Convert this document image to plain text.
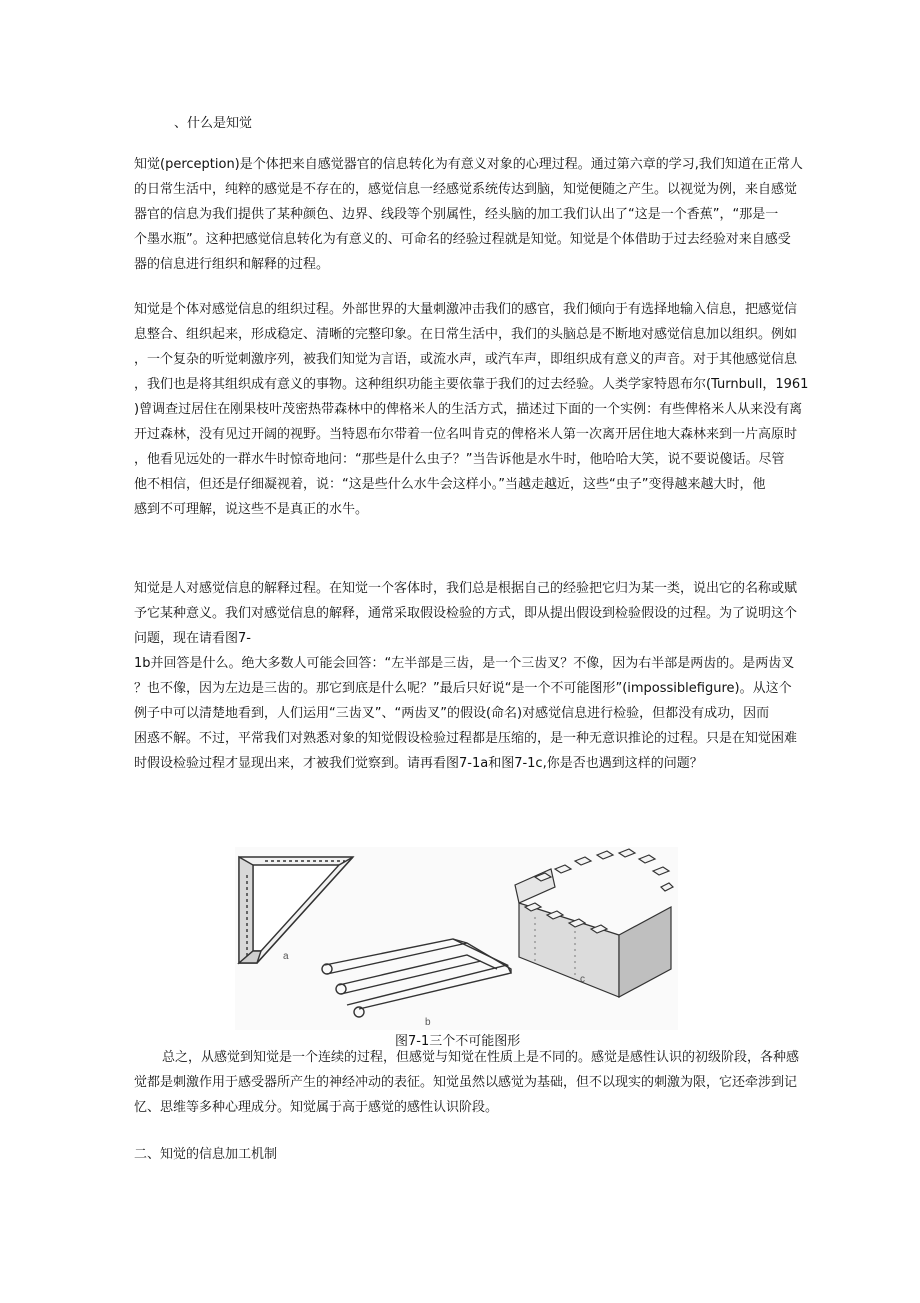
、什么是知觉
知觉(perception)是个体把来自感觉器官的信息转化为有意义对象的心理过程。通过第六章的学习,我们知道在正常人
的日常生活中，纯粹的感觉是不存在的，感觉信息一经感觉系统传达到脑，知觉便随之产生。以视觉为例，来自感觉
器官的信息为我们提供了某种颜色、边界、线段等个别属性，经头脑的加工我们认出了“这是一个香蕉”，“那是一
个墨水瓶”。这种把感觉信息转化为有意义的、可命名的经验过程就是知觉。知觉是个体借助于过去经验对来自感受
器的信息进行组织和解释的过程。
知觉是个体对感觉信息的组织过程。外部世界的大量刺激冲击我们的感官，我们倾向于有选择地输入信息，把感觉信
息整合、组织起来，形成稳定、清晰的完整印象。在日常生活中，我们的头脑总是不断地对感觉信息加以组织。例如
，一个复杂的听觉刺激序列，被我们知觉为言语，或流水声，或汽车声，即组织成有意义的声音。对于其他感觉信息
，我们也是将其组织成有意义的事物。这种组织功能主要依靠于我们的过去经验。人类学家特恩布尔(Turnbull，1961
)曾调查过居住在刚果枝叶茂密热带森林中的俾格米人的生活方式，描述过下面的一个实例：有些俾格米人从来没有离
开过森林，没有见过开阔的视野。当特恩布尔带着一位名叫肯克的俾格米人第一次离开居住地大森林来到一片高原时
，他看见远处的一群水牛时惊奇地问：“那些是什么虫子？”当告诉他是水牛时，他哈哈大笑，说不要说傻话。尽管
他不相信，但还是仔细凝视着，说：“这是些什么水牛会这样小。”当越走越近，这些“虫子”变得越来越大时，他
感到不可理解，说这些不是真正的水牛。
知觉是人对感觉信息的解释过程。在知觉一个客体时，我们总是根据自己的经验把它归为某一类，说出它的名称或赋
予它某种意义。我们对感觉信息的解释，通常采取假设检验的方式，即从提出假设到检验假设的过程。为了说明这个
问题，现在请看图7-
1b并回答是什么。绝大多数人可能会回答：“左半部是三齿，是一个三齿叉？不像，因为右半部是两齿的。是两齿叉
？也不像，因为左边是三齿的。那它到底是什么呢？”最后只好说“是一个不可能图形”(impossiblefigure)。从这个
例子中可以清楚地看到，人们运用“三齿叉”、“两齿叉”的假设(命名)对感觉信息进行检验，但都没有成功，因而
困惑不解。不过，平常我们对熟悉对象的知觉假设检验过程都是压缩的，是一种无意识推论的过程。只是在知觉困难
时假设检验过程才显现出来，才被我们觉察到。请再看图7-1a和图7-1c,你是否也遇到这样的问题？
a
b
c
图7-1三个不可能图形
总之，从感觉到知觉是一个连续的过程，但感觉与知觉在性质上是不同的。感觉是感性认识的初级阶段，各种感
觉都是刺激作用于感受器所产生的神经冲动的表征。知觉虽然以感觉为基础，但不以现实的刺激为限，它还牵涉到记
忆、思维等多种心理成分。知觉属于高于感觉的感性认识阶段。
二、知觉的信息加工机制
